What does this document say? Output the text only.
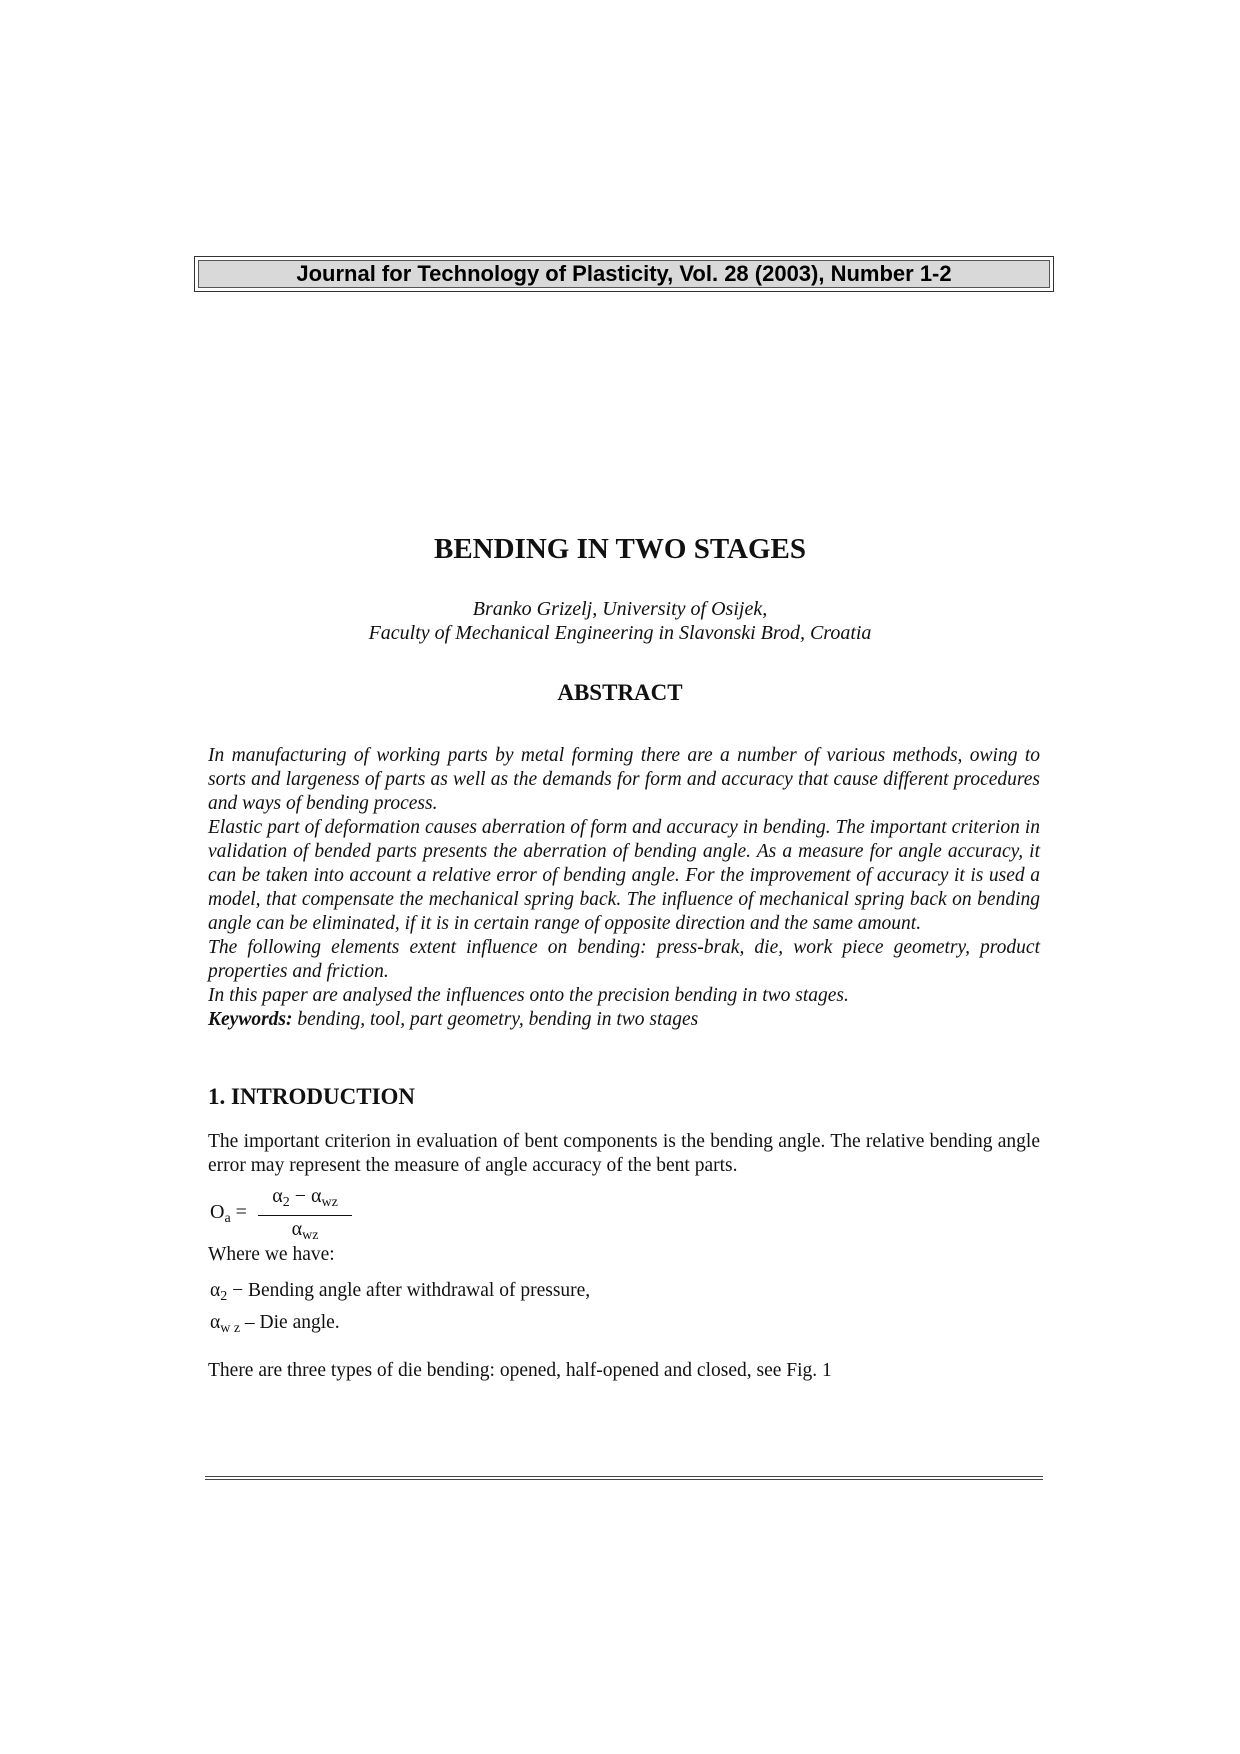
Journal for Technology of Plasticity, Vol. 28 (2003), Number 1-2
BENDING IN TWO STAGES
Branko Grizelj, University of Osijek,
Faculty of Mechanical Engineering in Slavonski Brod, Croatia
ABSTRACT

In manufacturing of working parts by metal forming there are a number of various methods, owing to sorts and largeness of parts as well as the demands for form and accuracy that cause different procedures and ways of bending process.

Elastic part of deformation causes aberration of form and accuracy in bending. The important criterion in validation of bended parts presents the aberration of bending angle. As a measure for angle accuracy, it can be taken into account a relative error of bending angle. For the improvement of accuracy it is used a model, that compensate the mechanical spring back. The influence of mechanical spring back on bending angle can be eliminated, if it is in certain range of opposite direction and the same amount.

The following elements extent influence on bending: press-brak, die, work piece geometry, product properties and friction.

In this paper are analysed the influences onto the precision bending in two stages.

Keywords: bending, tool, part geometry, bending in two stages

1. INTRODUCTION

The important criterion in evaluation of bent components is the bending angle. The relative bending angle error may represent the measure of angle accuracy of the bent parts.

$O_a$ =
$\alpha_2 - \alpha_{wz}$
$\alpha_{wz}$
Where we have:
$\alpha_2$ − Bending angle after withdrawal of pressure,
$\alpha_{w z}$ – Die angle.
There are three types of die bending: opened, half-opened and closed, see Fig. 1
